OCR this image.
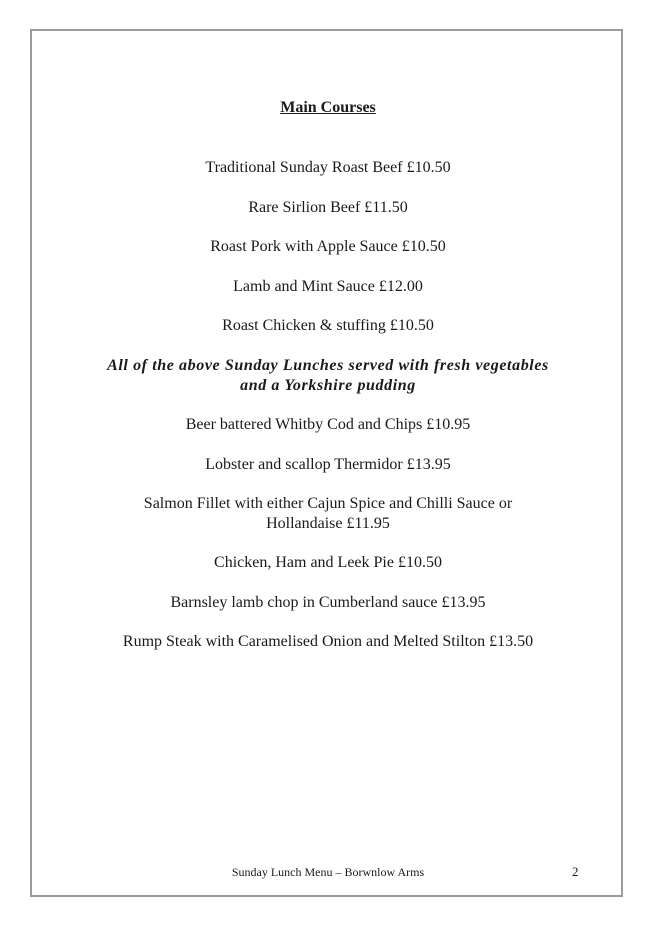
Main Courses
Traditional Sunday Roast Beef £10.50
Rare Sirlion Beef £11.50
Roast Pork with Apple Sauce £10.50
Lamb and Mint Sauce £12.00
Roast Chicken & stuffing £10.50
All of the above Sunday Lunches served with fresh vegetables
and a Yorkshire pudding
Beer battered Whitby Cod and Chips £10.95
Lobster and scallop Thermidor £13.95
Salmon Fillet with either Cajun Spice and Chilli Sauce or
Hollandaise £11.95
Chicken, Ham and Leek Pie £10.50
Barnsley lamb chop in Cumberland sauce £13.95
Rump Steak with Caramelised Onion and Melted Stilton £13.50
Sunday Lunch Menu – Borwnlow Arms	2
